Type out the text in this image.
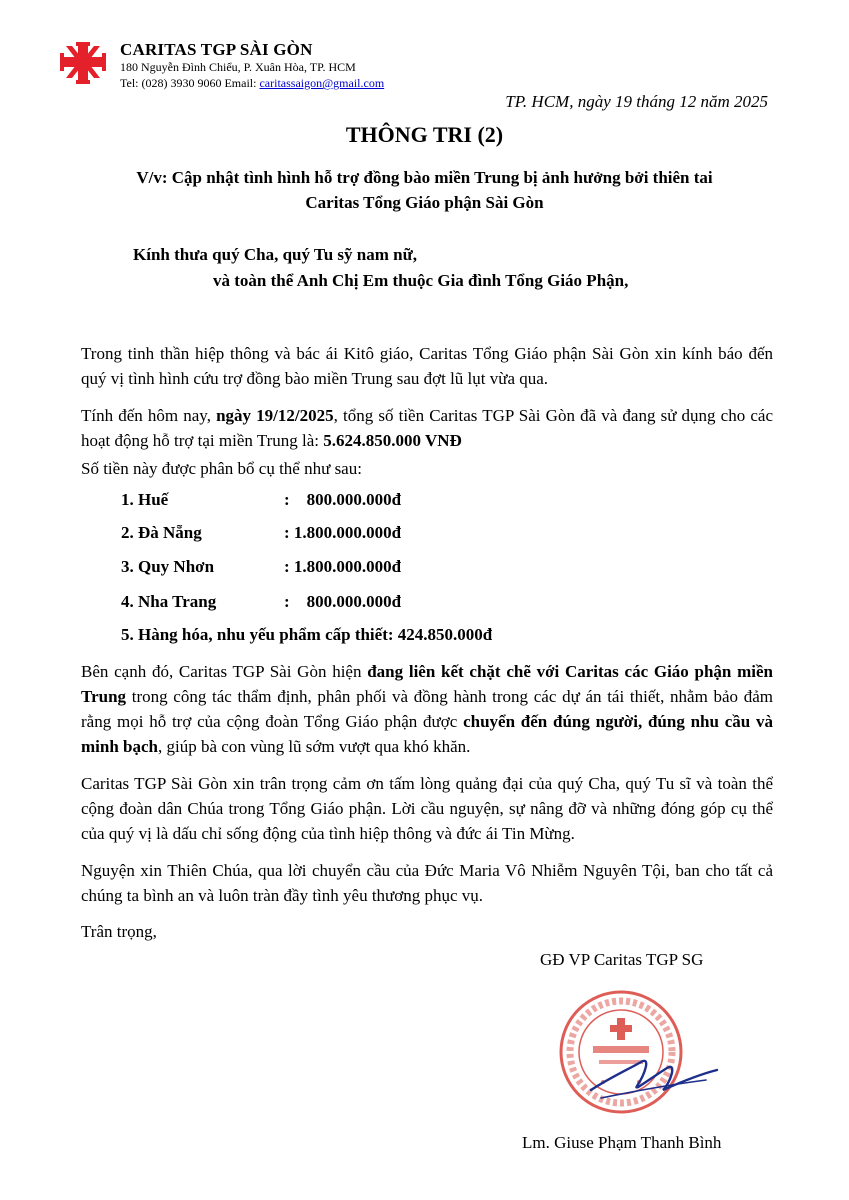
CARITAS TGP SÀI GÒN
180 Nguyễn Đình Chiểu, P. Xuân Hòa, TP. HCM
Tel: (028) 3930 9060 Email: caritassaigon@gmail.com
TP. HCM, ngày 19 tháng 12 năm 2025
THÔNG TRI (2)
V/v: Cập nhật tình hình hỗ trợ đồng bào miền Trung bị ảnh hưởng bởi thiên tai
Caritas Tổng Giáo phận Sài Gòn
Kính thưa quý Cha, quý Tu sỹ nam nữ,
và toàn thể Anh Chị Em thuộc Gia đình Tổng Giáo Phận,

Trong tinh thần hiệp thông và bác ái Kitô giáo, Caritas Tổng Giáo phận Sài Gòn xin kính báo đến quý vị tình hình cứu trợ đồng bào miền Trung sau đợt lũ lụt vừa qua.

Tính đến hôm nay, ngày 19/12/2025, tổng số tiền Caritas TGP Sài Gòn đã và đang sử dụng cho các hoạt động hỗ trợ tại miền Trung là: 5.624.850.000 VNĐ

Số tiền này được phân bổ cụ thể như sau:

1. Huế	:    800.000.000đ
2. Đà Nẵng	: 1.800.000.000đ
3. Quy Nhơn	: 1.800.000.000đ
4. Nha Trang	:    800.000.000đ
5. Hàng hóa, nhu yếu phẩm cấp thiết: 424.850.000đ

Bên cạnh đó, Caritas TGP Sài Gòn hiện đang liên kết chặt chẽ với Caritas các Giáo phận miền Trung trong công tác thẩm định, phân phối và đồng hành trong các dự án tái thiết, nhằm bảo đảm rằng mọi hỗ trợ của cộng đoàn Tổng Giáo phận được chuyển đến đúng người, đúng nhu cầu và minh bạch, giúp bà con vùng lũ sớm vượt qua khó khăn.

Caritas TGP Sài Gòn xin trân trọng cảm ơn tấm lòng quảng đại của quý Cha, quý Tu sĩ và toàn thể cộng đoàn dân Chúa trong Tổng Giáo phận. Lời cầu nguyện, sự nâng đỡ và những đóng góp cụ thể của quý vị là dấu chỉ sống động của tình hiệp thông và đức ái Tin Mừng.

Nguyện xin Thiên Chúa, qua lời chuyển cầu của Đức Maria Vô Nhiễm Nguyên Tội, ban cho tất cả chúng ta bình an và luôn tràn đầy tình yêu thương phục vụ.

Trân trọng,

GĐ VP Caritas TGP SG
Lm. Giuse Phạm Thanh Bình
